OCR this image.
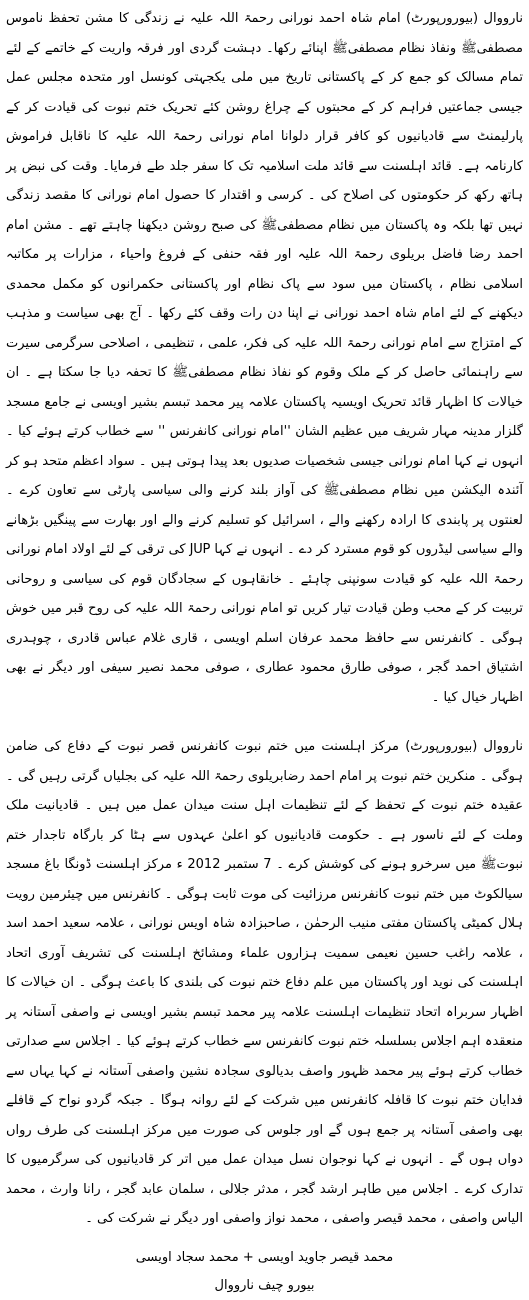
نارووال (بیورورپورٹ) امام شاہ احمد نورانی رحمۃ اللہ علیہ نے زندگی کا مشن تحفظ ناموس مصطفیﷺ ونفاذ نظام مصطفیﷺ اپنائے رکھا۔ دہشت گردی اور فرقہ واریت کے خاتمے کے لئے تمام مسالک کو جمع کر کے پاکستانی تاریخ میں ملی یکجہتی کونسل اور متحدہ مجلس عمل جیسی جماعتیں فراہم کر کے محبتوں کے چراغ روشن کئے تحریک ختم نبوت کی قیادت کر کے پارلیمنٹ سے قادیانیوں کو کافر قرار دلوانا امام نورانی رحمۃ اللہ علیہ کا ناقابل فراموش کارنامہ ہے۔ قائد اہلسنت سے قائد ملت اسلامیہ تک کا سفر جلد طے فرمایا۔ وقت کی نبض پر ہاتھ رکھ کر حکومتوں کی اصلاح کی ۔ کرسی و اقتدار کا حصول امام نورانی کا مقصد زندگی نہیں تھا بلکہ وہ پاکستان میں نظام مصطفیﷺ کی صبح روشن دیکھنا چاہتے تھے ۔ مشن امام احمد رضا فاضل بریلوی رحمۃ اللہ علیہ اور فقہ حنفی کے فروغ واحیاء ، مزارات پر مکاتبہ اسلامی نظام ، پاکستان میں سود سے پاک نظام اور پاکستانی حکمرانوں کو مکمل محمدی دیکھنے کے لئے امام شاہ احمد نورانی نے اپنا دن رات وقف کئے رکھا ۔ آج بھی سیاست و مذہب کے امتزاج سے امام نورانی رحمۃ اللہ علیہ کی فکر، علمی ، تنظیمی ، اصلاحی سرگرمی سیرت سے راہنمائی حاصل کر کے ملک وقوم کو نفاذ نظام مصطفیﷺ کا تحفہ دیا جا سکتا ہے ۔ ان خیالات کا اظہار قائد تحریک اویسیہ پاکستان علامہ پیر محمد تبسم بشیر اویسی نے جامع مسجد گلزار مدینہ مہار شریف میں عظیم الشان ''امام نورانی کانفرنس '' سے خطاب کرتے ہوئے کیا ۔ انہوں نے کہا امام نورانی جیسی شخصیات صدیوں بعد پیدا ہوتی ہیں ۔ سواد اعظم متحد ہو کر آئندہ الیکشن میں نظام مصطفیﷺ کی آواز بلند کرنے والی سیاسی پارٹی سے تعاون کرے ۔ لعنتوں پر پابندی کا ارادہ رکھنے والے ، اسرائیل کو تسلیم کرنے والے اور بھارت سے پینگیں بڑھانے والے سیاسی لیڈروں کو قوم مسترد کر دے ۔ انہوں نے کہا JUP کی ترقی کے لئے اولاد امام نورانی رحمۃ اللہ علیہ کو قیادت سونپنی چاہئے ۔ خانقاہوں کے سجادگان قوم کی سیاسی و روحانی تربیت کر کے محب وطن قیادت تیار کریں تو امام نورانی رحمۃ اللہ علیہ کی روح قبر میں خوش ہوگی ۔ کانفرنس سے حافظ محمد عرفان اسلم اویسی ، قاری غلام عباس قادری ، چوہدری اشتیاق احمد گجر ، صوفی طارق محمود عطاری ، صوفی محمد نصیر سیفی اور دیگر نے بھی اظہار خیال کیا ۔

نارووال (بیورورپورٹ) مرکز اہلسنت میں ختم نبوت کانفرنس قصر نبوت کے دفاع کی ضامن ہوگی ۔ منکرین ختم نبوت پر امام احمد رضابریلوی رحمۃ اللہ علیہ کی بجلیاں گرتی رہیں گی ۔ عقیدہ ختم نبوت کے تحفظ کے لئے تنظیمات اہل سنت میدان عمل میں ہیں ۔ قادیانیت ملک وملت کے لئے ناسور ہے ۔ حکومت قادیانیوں کو اعلیٰ عہدوں سے ہٹا کر بارگاہ تاجدار ختم نبوتﷺ میں سرخرو ہونے کی کوشش کرے ۔ 7 ستمبر 2012 ء مرکز اہلسنت ڈونگا باغ مسجد سیالکوٹ میں ختم نبوت کانفرنس مرزائیت کی موت ثابت ہوگی ۔ کانفرنس میں چیئرمین رویت ہلال کمیٹی پاکستان مفتی منیب الرحمٰن ، صاحبزادہ شاہ اویس نورانی ، علامہ سعید احمد اسد ، علامہ راغب حسین نعیمی سمیت ہزاروں علماء ومشائخ اہلسنت کی تشریف آوری اتحاد اہلسنت کی نوید اور پاکستان میں علم دفاع ختم نبوت کی بلندی کا باعث ہوگی ۔ ان خیالات کا اظہار سربراہ اتحاد تنظیمات اہلسنت علامہ پیر محمد تبسم بشیر اویسی نے واصفی آستانہ پر منعقدہ اہم اجلاس بسلسلہ ختم نبوت کانفرنس سے خطاب کرتے ہوئے کیا ۔ اجلاس سے صدارتی خطاب کرتے ہوئے پیر محمد ظہور واصف بدیالوی سجادہ نشین واصفی آستانہ نے کہا یہاں سے فدایان ختم نبوت کا قافلہ کانفرنس میں شرکت کے لئے روانہ ہوگا ۔ جبکہ گردو نواح کے قافلے بھی واصفی آستانہ پر جمع ہوں گے اور جلوس کی صورت میں مرکز اہلسنت کی طرف رواں دواں ہوں گے ۔ انہوں نے کہا نوجوان نسل میدان عمل میں اتر کر قادیانیوں کی سرگرمیوں کا تدارک کرے ۔ اجلاس میں طاہر ارشد گجر ، مدثر جلالی ، سلمان عابد گجر ، رانا وارث ، محمد الیاس واصفی ، محمد قیصر واصفی ، محمد نواز واصفی اور دیگر نے شرکت کی ۔

محمد قیصر جاوید اویسی + محمد سجاد اویسی
بیورو چیف نارووال
